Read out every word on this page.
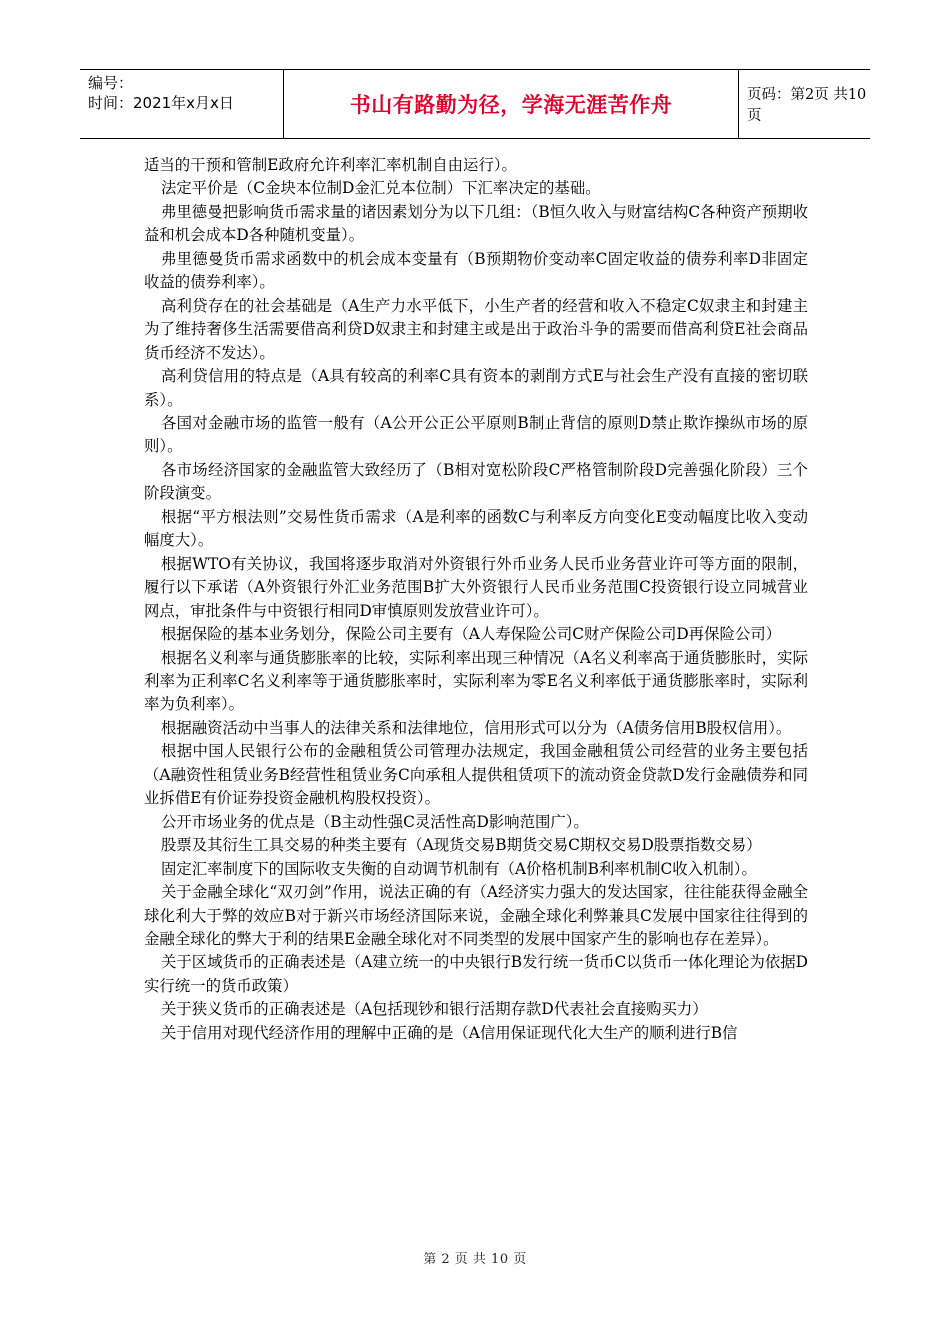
编号：
时间：2021年x月x日	书山有路勤为径，学海无涯苦作舟	页码：第2页 共10页

适当的干预和管制E政府允许利率汇率机制自由运行）。

法定平价是（C金块本位制D金汇兑本位制）下汇率决定的基础。

弗里德曼把影响货币需求量的诸因素划分为以下几组：（B恒久收入与财富结构C各种资产预期收益和机会成本D各种随机变量）。

弗里德曼货币需求函数中的机会成本变量有（B预期物价变动率C固定收益的债券利率D非固定收益的债券利率）。

高利贷存在的社会基础是（A生产力水平低下，小生产者的经营和收入不稳定C奴隶主和封建主为了维持奢侈生活需要借高利贷D奴隶主和封建主或是出于政治斗争的需要而借高利贷E社会商品货币经济不发达）。

高利贷信用的特点是（A具有较高的利率C具有资本的剥削方式E与社会生产没有直接的密切联系）。

各国对金融市场的监管一般有（A公开公正公平原则B制止背信的原则D禁止欺诈操纵市场的原则）。

各市场经济国家的金融监管大致经历了（B相对宽松阶段C严格管制阶段D完善强化阶段）三个阶段演变。

根据“平方根法则”交易性货币需求（A是利率的函数C与利率反方向变化E变动幅度比收入变动幅度大）。

根据WTO有关协议，我国将逐步取消对外资银行外币业务人民币业务营业许可等方面的限制，履行以下承诺（A外资银行外汇业务范围B扩大外资银行人民币业务范围C投资银行设立同城营业网点，审批条件与中资银行相同D审慎原则发放营业许可）。

根据保险的基本业务划分，保险公司主要有（A人寿保险公司C财产保险公司D再保险公司）

根据名义利率与通货膨胀率的比较，实际利率出现三种情况（A名义利率高于通货膨胀时，实际利率为正利率C名义利率等于通货膨胀率时，实际利率为零E名义利率低于通货膨胀率时，实际利率为负利率）。

根据融资活动中当事人的法律关系和法律地位，信用形式可以分为（A债务信用B股权信用）。

根据中国人民银行公布的金融租赁公司管理办法规定，我国金融租赁公司经营的业务主要包括（A融资性租赁业务B经营性租赁业务C向承租人提供租赁项下的流动资金贷款D发行金融债券和同业拆借E有价证券投资金融机构股权投资）。

公开市场业务的优点是（B主动性强C灵活性高D影响范围广）。

股票及其衍生工具交易的种类主要有（A现货交易B期货交易C期权交易D股票指数交易）

固定汇率制度下的国际收支失衡的自动调节机制有（A价格机制B利率机制C收入机制）。

关于金融全球化“双刃剑”作用，说法正确的有（A经济实力强大的发达国家，往往能获得金融全球化利大于弊的效应B对于新兴市场经济国际来说，金融全球化利弊兼具C发展中国家往往得到的金融全球化的弊大于利的结果E金融全球化对不同类型的发展中国家产生的影响也存在差异）。

关于区域货币的正确表述是（A建立统一的中央银行B发行统一货币C以货币一体化理论为依据D实行统一的货币政策）

关于狭义货币的正确表述是（A包括现钞和银行活期存款D代表社会直接购买力）

关于信用对现代经济作用的理解中正确的是（A信用保证现代化大生产的顺利进行B信

第 2 页 共 10 页
